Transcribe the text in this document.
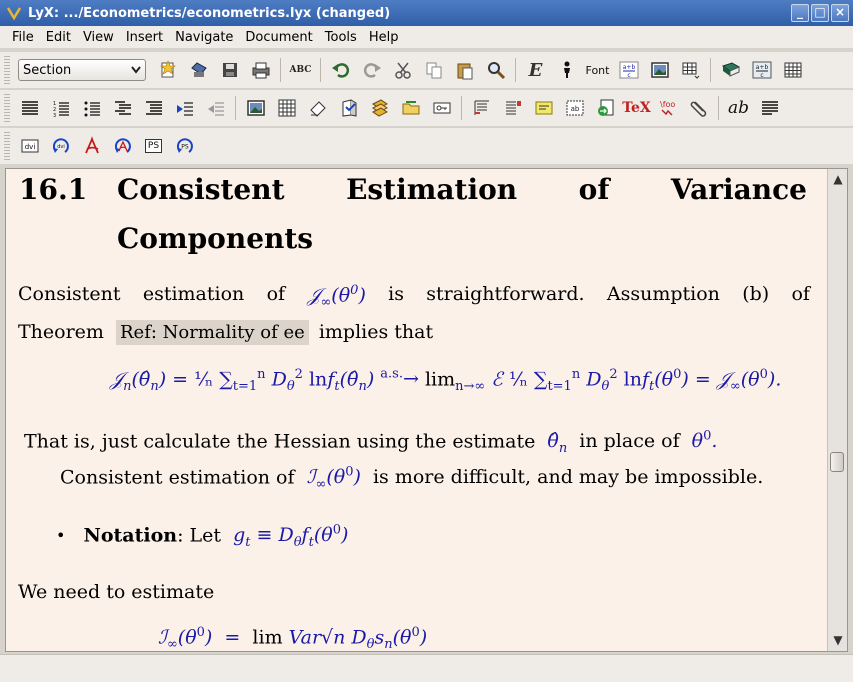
LyX: .../Econometrics/econometrics.lyx (changed)	_ □ ×
File Edit View Insert Navigate Document Tools Help
Section	ABC	E	Font a+b
c
a+b
c
1
2
3
ab	TeX \foo	ab
dvi	dvi	PS	PS
16.1 Consistent Estimation of Variance
Components
Consistent estimation of $𝒥_\infty(\theta^0)$ is straightforward. Assumption (b) of
Theorem Ref: Normality of ee implies that
$𝒥_n(\thetâ_n)$ = ¹⁄ₙ $\sum_{t=1}^n$ $D_\theta^2$ $\ln f_t(\thetâ_n)$ $^{a.s.}\to \lim_{n\to\infty}$ ℰ ¹⁄ₙ $\sum_{t=1}^n$ $D_\theta^2$ $\ln f_t(\theta^0)$ = $𝒥_\infty(\theta^0)$.
That is, just calculate the Hessian using the estimate $\thetâ_n$ in place of $\theta^0$.
Consistent estimation of $ℐ_\infty(\theta^0)$ is more difficult, and may be impossible.
• Notation: Let $g_t \equiv D_\theta f_t(\theta^0)$
We need to estimate
$ℐ_\infty(\theta^0) = \lim Var√n$ $D_\theta s_n(\theta^0)$
▲
▼
